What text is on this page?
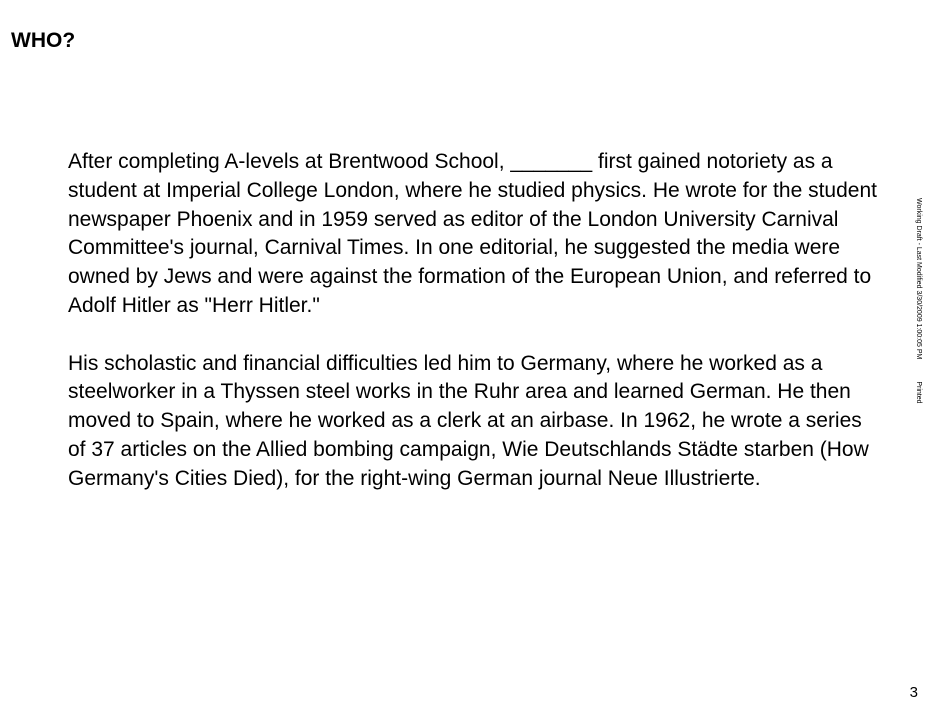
WHO?

After completing A-levels at Brentwood School, _______ first gained notoriety as a student at Imperial College London, where he studied physics. He wrote for the student newspaper Phoenix and in 1959 served as editor of the London University Carnival Committee's journal, Carnival Times. In one editorial, he suggested the media were owned by Jews and were against the formation of the European Union, and referred to Adolf Hitler as "Herr Hitler."

His scholastic and financial difficulties led him to Germany, where he worked as a steelworker in a Thyssen steel works in the Ruhr area and learned German. He then moved to Spain, where he worked as a clerk at an airbase. In 1962, he wrote a series of 37 articles on the Allied bombing campaign, Wie Deutschlands Städte starben (How Germany's Cities Died), for the right-wing German journal Neue Illustrierte.

Working Draft - Last Modified 3/30/2009 1:00:05 PMPrinted
3
